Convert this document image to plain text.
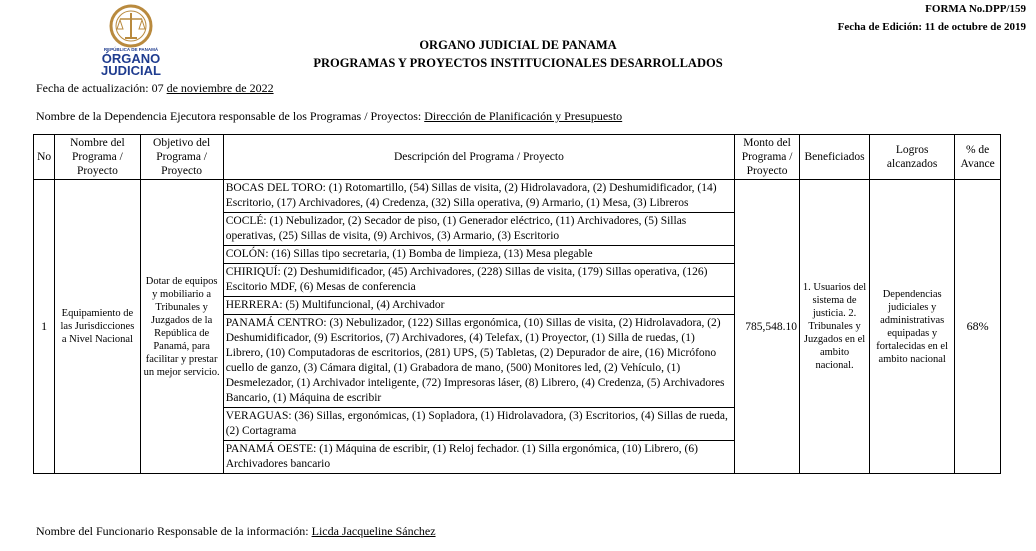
REPÚBLICA DE PANAMÁ
ÓRGANO
JUDICIAL
FORMA No.DPP/159
Fecha de Edición: 11 de octubre de 2019
ORGANO JUDICIAL DE PANAMA
PROGRAMAS Y PROYECTOS INSTITUCIONALES DESARROLLADOS
Fecha de actualización: 07 de noviembre de 2022
Nombre de la Dependencia Ejecutora responsable de los Programas / Proyectos: Dirección de Planificación y Presupuesto
No	Nombre del Programa / Proyecto	Objetivo del Programa / Proyecto	Descripción del Programa / Proyecto	Monto del Programa / Proyecto	Beneficiados	Logros alcanzados	% de Avance
1	Equipamiento de las Jurisdicciones a Nivel Nacional	Dotar de equipos y mobiliario a Tribunales y Juzgados de la República de Panamá, para facilitar y prestar un mejor servicio.	BOCAS DEL TORO: (1) Rotomartillo, (54) Sillas de visita, (2) Hidrolavadora, (2) Deshumidificador, (14) Escritorio, (17) Archivadores, (4) Credenza, (32) Silla operativa, (9) Armario, (1) Mesa, (3) Libreros	785,548.10	1. Usuarios del sistema de justicia. 2. Tribunales y Juzgados en el ambito nacional.	Dependencias judiciales y administrativas equipadas y fortalecidas en el ambito nacional	68%
			COCLÉ: (1) Nebulizador, (2) Secador de piso, (1) Generador eléctrico, (11) Archivadores, (5) Sillas operativas, (25) Sillas de visita, (9) Archivos, (3) Armario, (3) Escritorio				
			COLÓN: (16) Sillas tipo secretaria, (1) Bomba de limpieza, (13) Mesa plegable				
			CHIRIQUÍ: (2) Deshumidificador, (45) Archivadores, (228) Sillas de visita, (179) Sillas operativa, (126) Escitorio MDF, (6) Mesas de conferencia				
			HERRERA: (5) Multifuncional, (4) Archivador				
			PANAMÁ CENTRO: (3) Nebulizador, (122) Sillas ergonómica, (10) Sillas de visita, (2) Hidrolavadora, (2) Deshumidificador, (9) Escritorios, (7) Archivadores, (4) Telefax, (1) Proyector, (1) Silla de ruedas, (1) Librero, (10) Computadoras de escritorios, (281) UPS, (5) Tabletas, (2) Depurador de aire, (16) Micrófono cuello de ganzo, (3) Cámara digital, (1) Grabadora de mano, (500) Monitores led, (2) Vehículo, (1) Desmelezador, (1) Archivador inteligente, (72) Impresoras láser, (8) Librero, (4) Credenza, (5) Archivadores Bancario, (1) Máquina de escribir				
			VERAGUAS: (36) Sillas, ergonómicas, (1) Sopladora, (1) Hidrolavadora, (3) Escritorios, (4) Sillas de rueda, (2) Cortagrama				
			PANAMÁ OESTE: (1) Máquina de escribir, (1) Reloj fechador. (1) Silla ergonómica, (10) Librero, (6) Archivadores bancario				
Nombre del Funcionario Responsable de la información: Licda Jacqueline Sánchez
